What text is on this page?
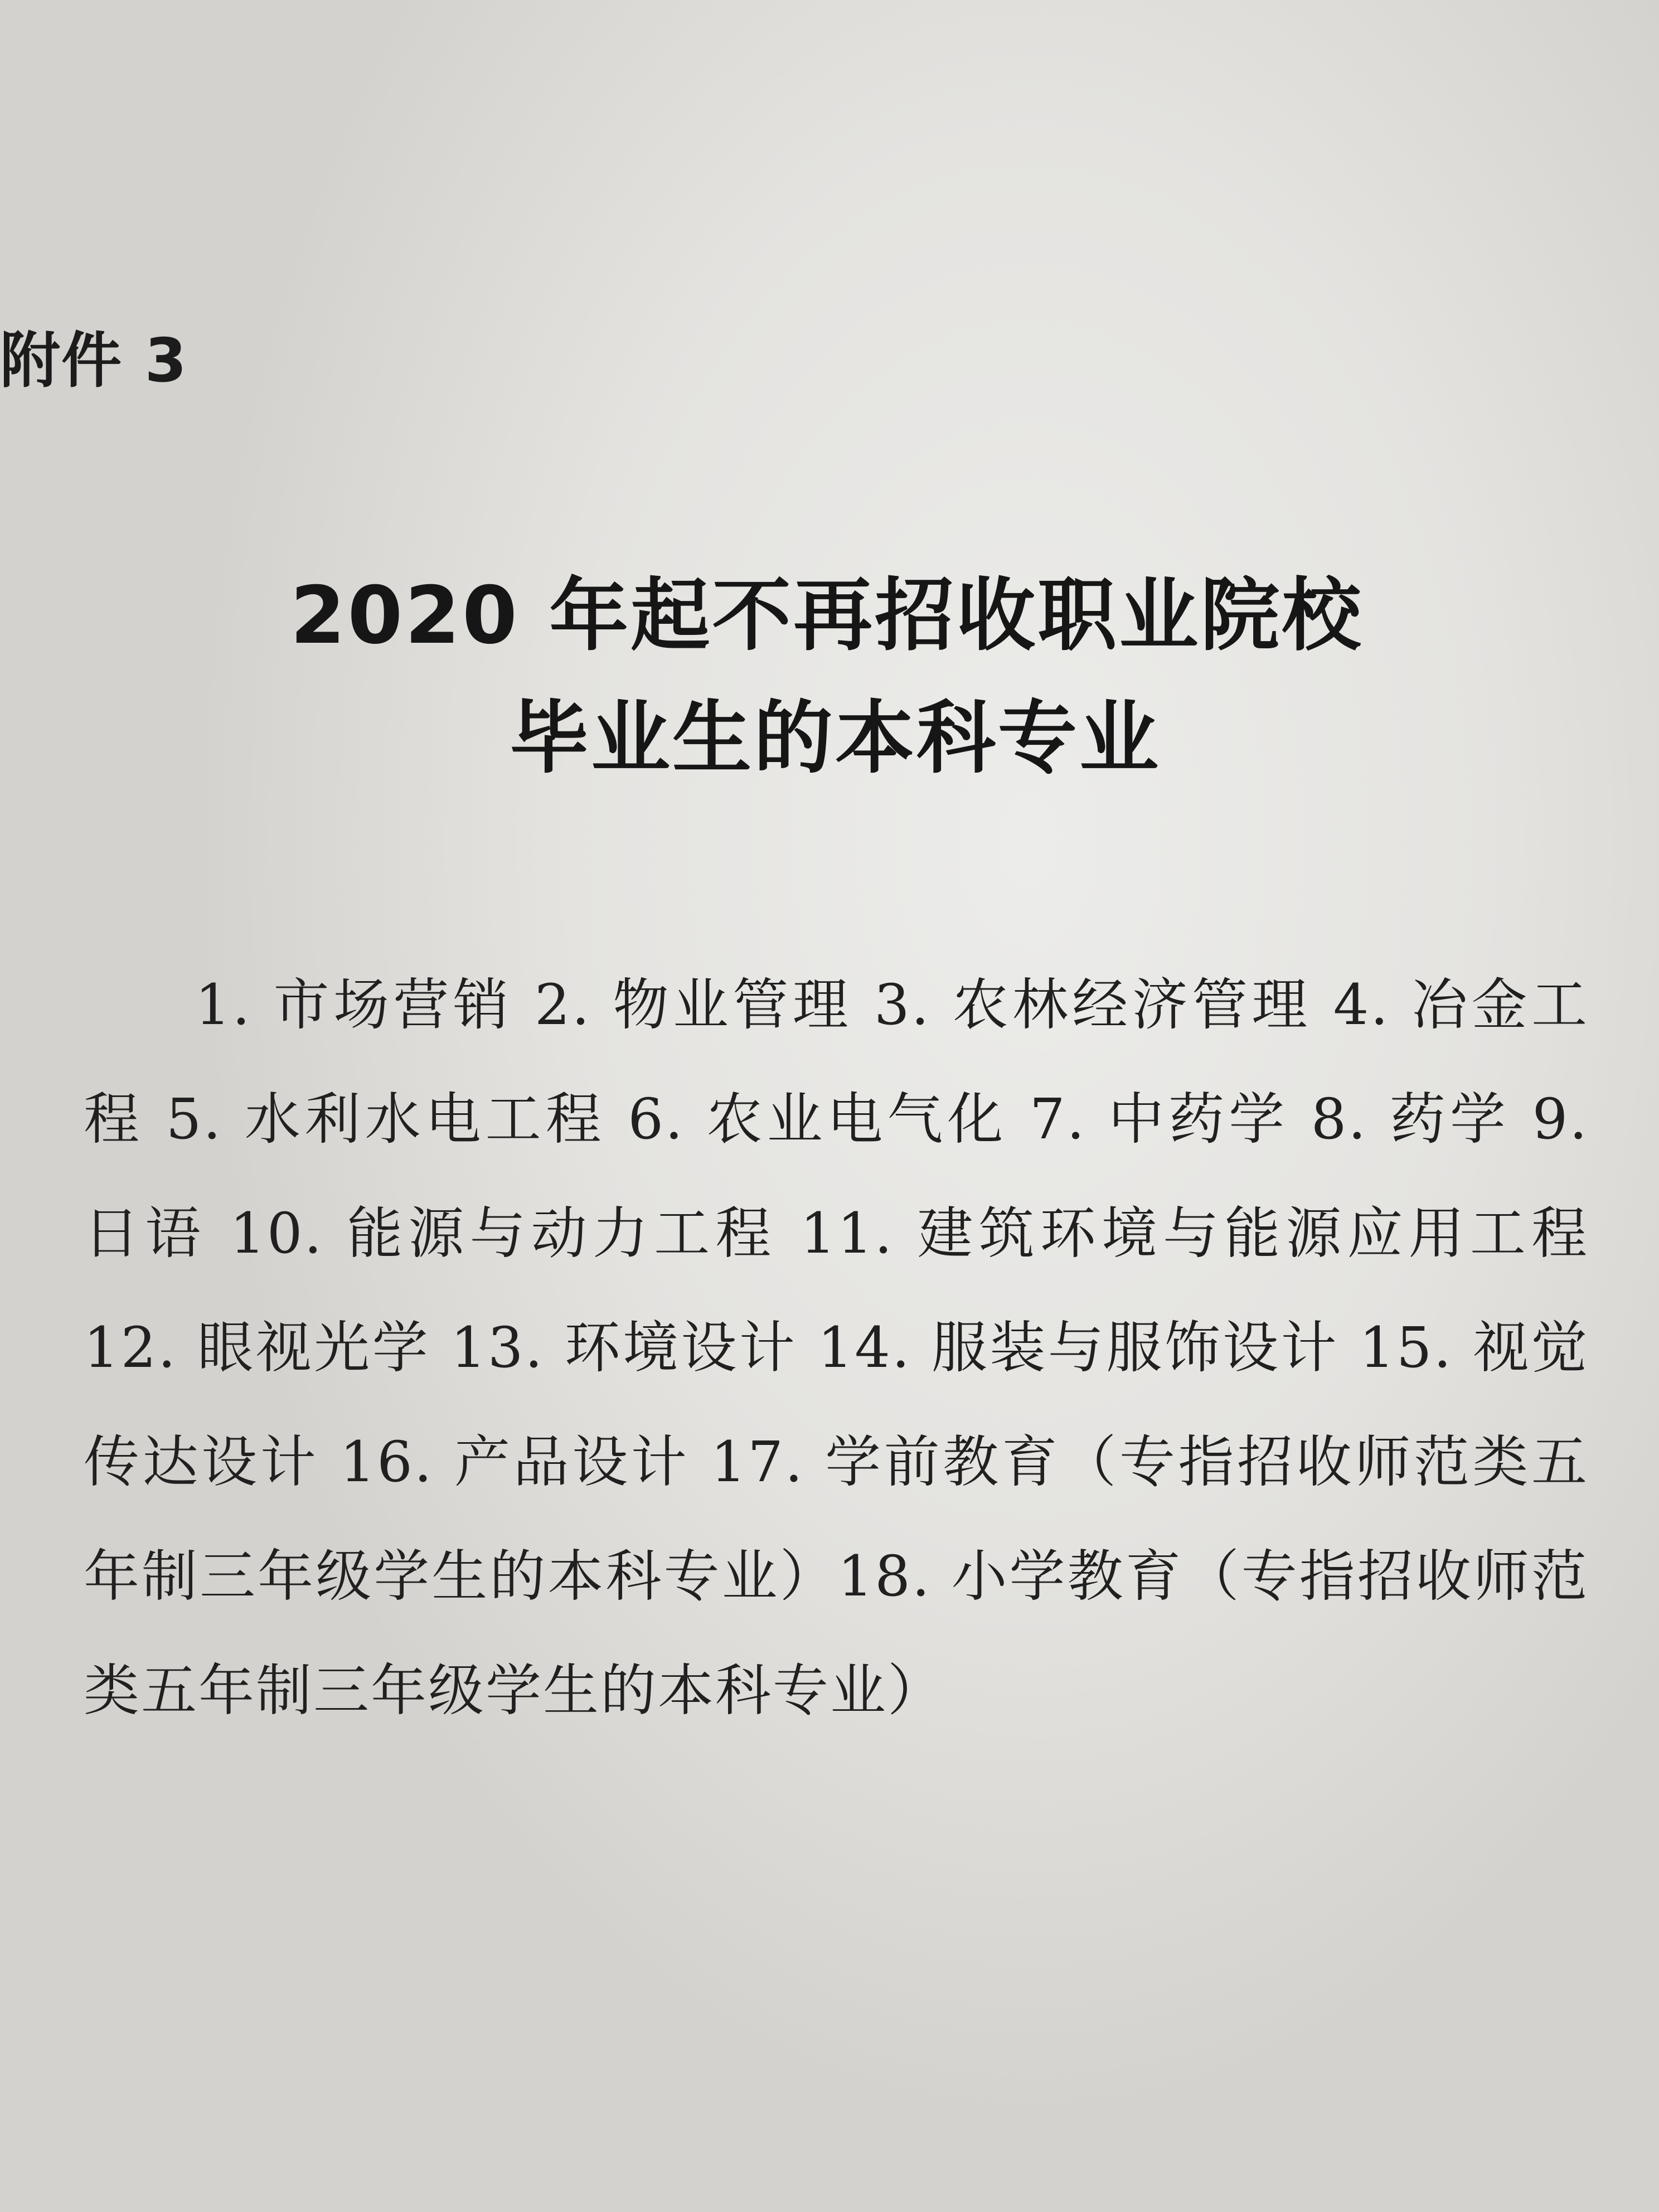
附件 3
2020 年起不再招收职业院校
毕业生的本科专业
1. 市场营销 2. 物业管理 3. 农林经济管理 4. 冶金工程 5. 水利水电工程 6. 农业电气化 7. 中药学 8. 药学 9. 日语 10. 能源与动力工程 11. 建筑环境与能源应用工程 12. 眼视光学 13. 环境设计 14. 服装与服饰设计 15. 视觉传达设计 16. 产品设计 17. 学前教育（专指招收师范类五年制三年级学生的本科专业）18. 小学教育（专指招收师范类五年制三年级学生的本科专业）
